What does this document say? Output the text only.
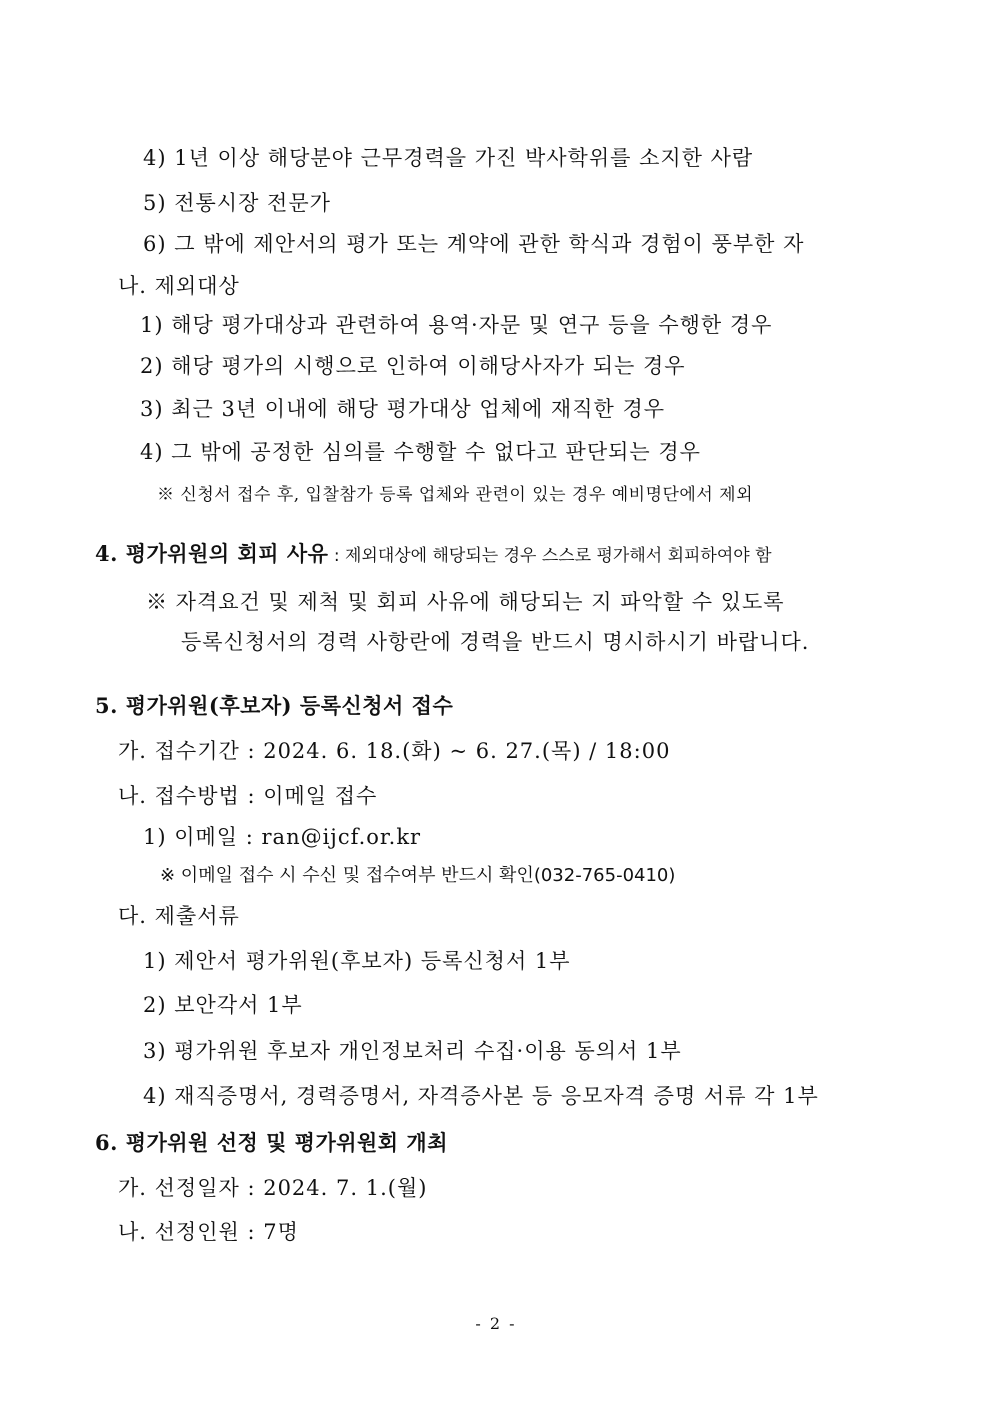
4) 1년 이상 해당분야 근무경력을 가진 박사학위를 소지한 사람
5) 전통시장 전문가
6) 그 밖에 제안서의 평가 또는 계약에 관한 학식과 경험이 풍부한 자
나. 제외대상
1) 해당 평가대상과 관련하여 용역·자문 및 연구 등을 수행한 경우
2) 해당 평가의 시행으로 인하여 이해당사자가 되는 경우
3) 최근 3년 이내에 해당 평가대상 업체에 재직한 경우
4) 그 밖에 공정한 심의를 수행할 수 없다고 판단되는 경우
※ 신청서 접수 후, 입찰참가 등록 업체와 관련이 있는 경우 예비명단에서 제외
4. 평가위원의 회피 사유 : 제외대상에 해당되는 경우 스스로 평가해서 회피하여야 함
※ 자격요건 및 제척 및 회피 사유에 해당되는 지 파악할 수 있도록
등록신청서의 경력 사항란에 경력을 반드시 명시하시기 바랍니다.
5. 평가위원(후보자) 등록신청서 접수
가. 접수기간 : 2024. 6. 18.(화) ~ 6. 27.(목) / 18:00
나. 접수방법 : 이메일 접수
1) 이메일 : ran@ijcf.or.kr
※ 이메일 접수 시 수신 및 접수여부 반드시 확인(032-765-0410)
다. 제출서류
1) 제안서 평가위원(후보자) 등록신청서 1부
2) 보안각서 1부
3) 평가위원 후보자 개인정보처리 수집·이용 동의서 1부
4) 재직증명서, 경력증명서, 자격증사본 등 응모자격 증명 서류 각 1부
6. 평가위원 선정 및 평가위원회 개최
가. 선정일자 : 2024. 7. 1.(월)
나. 선정인원 : 7명
- 2 -
